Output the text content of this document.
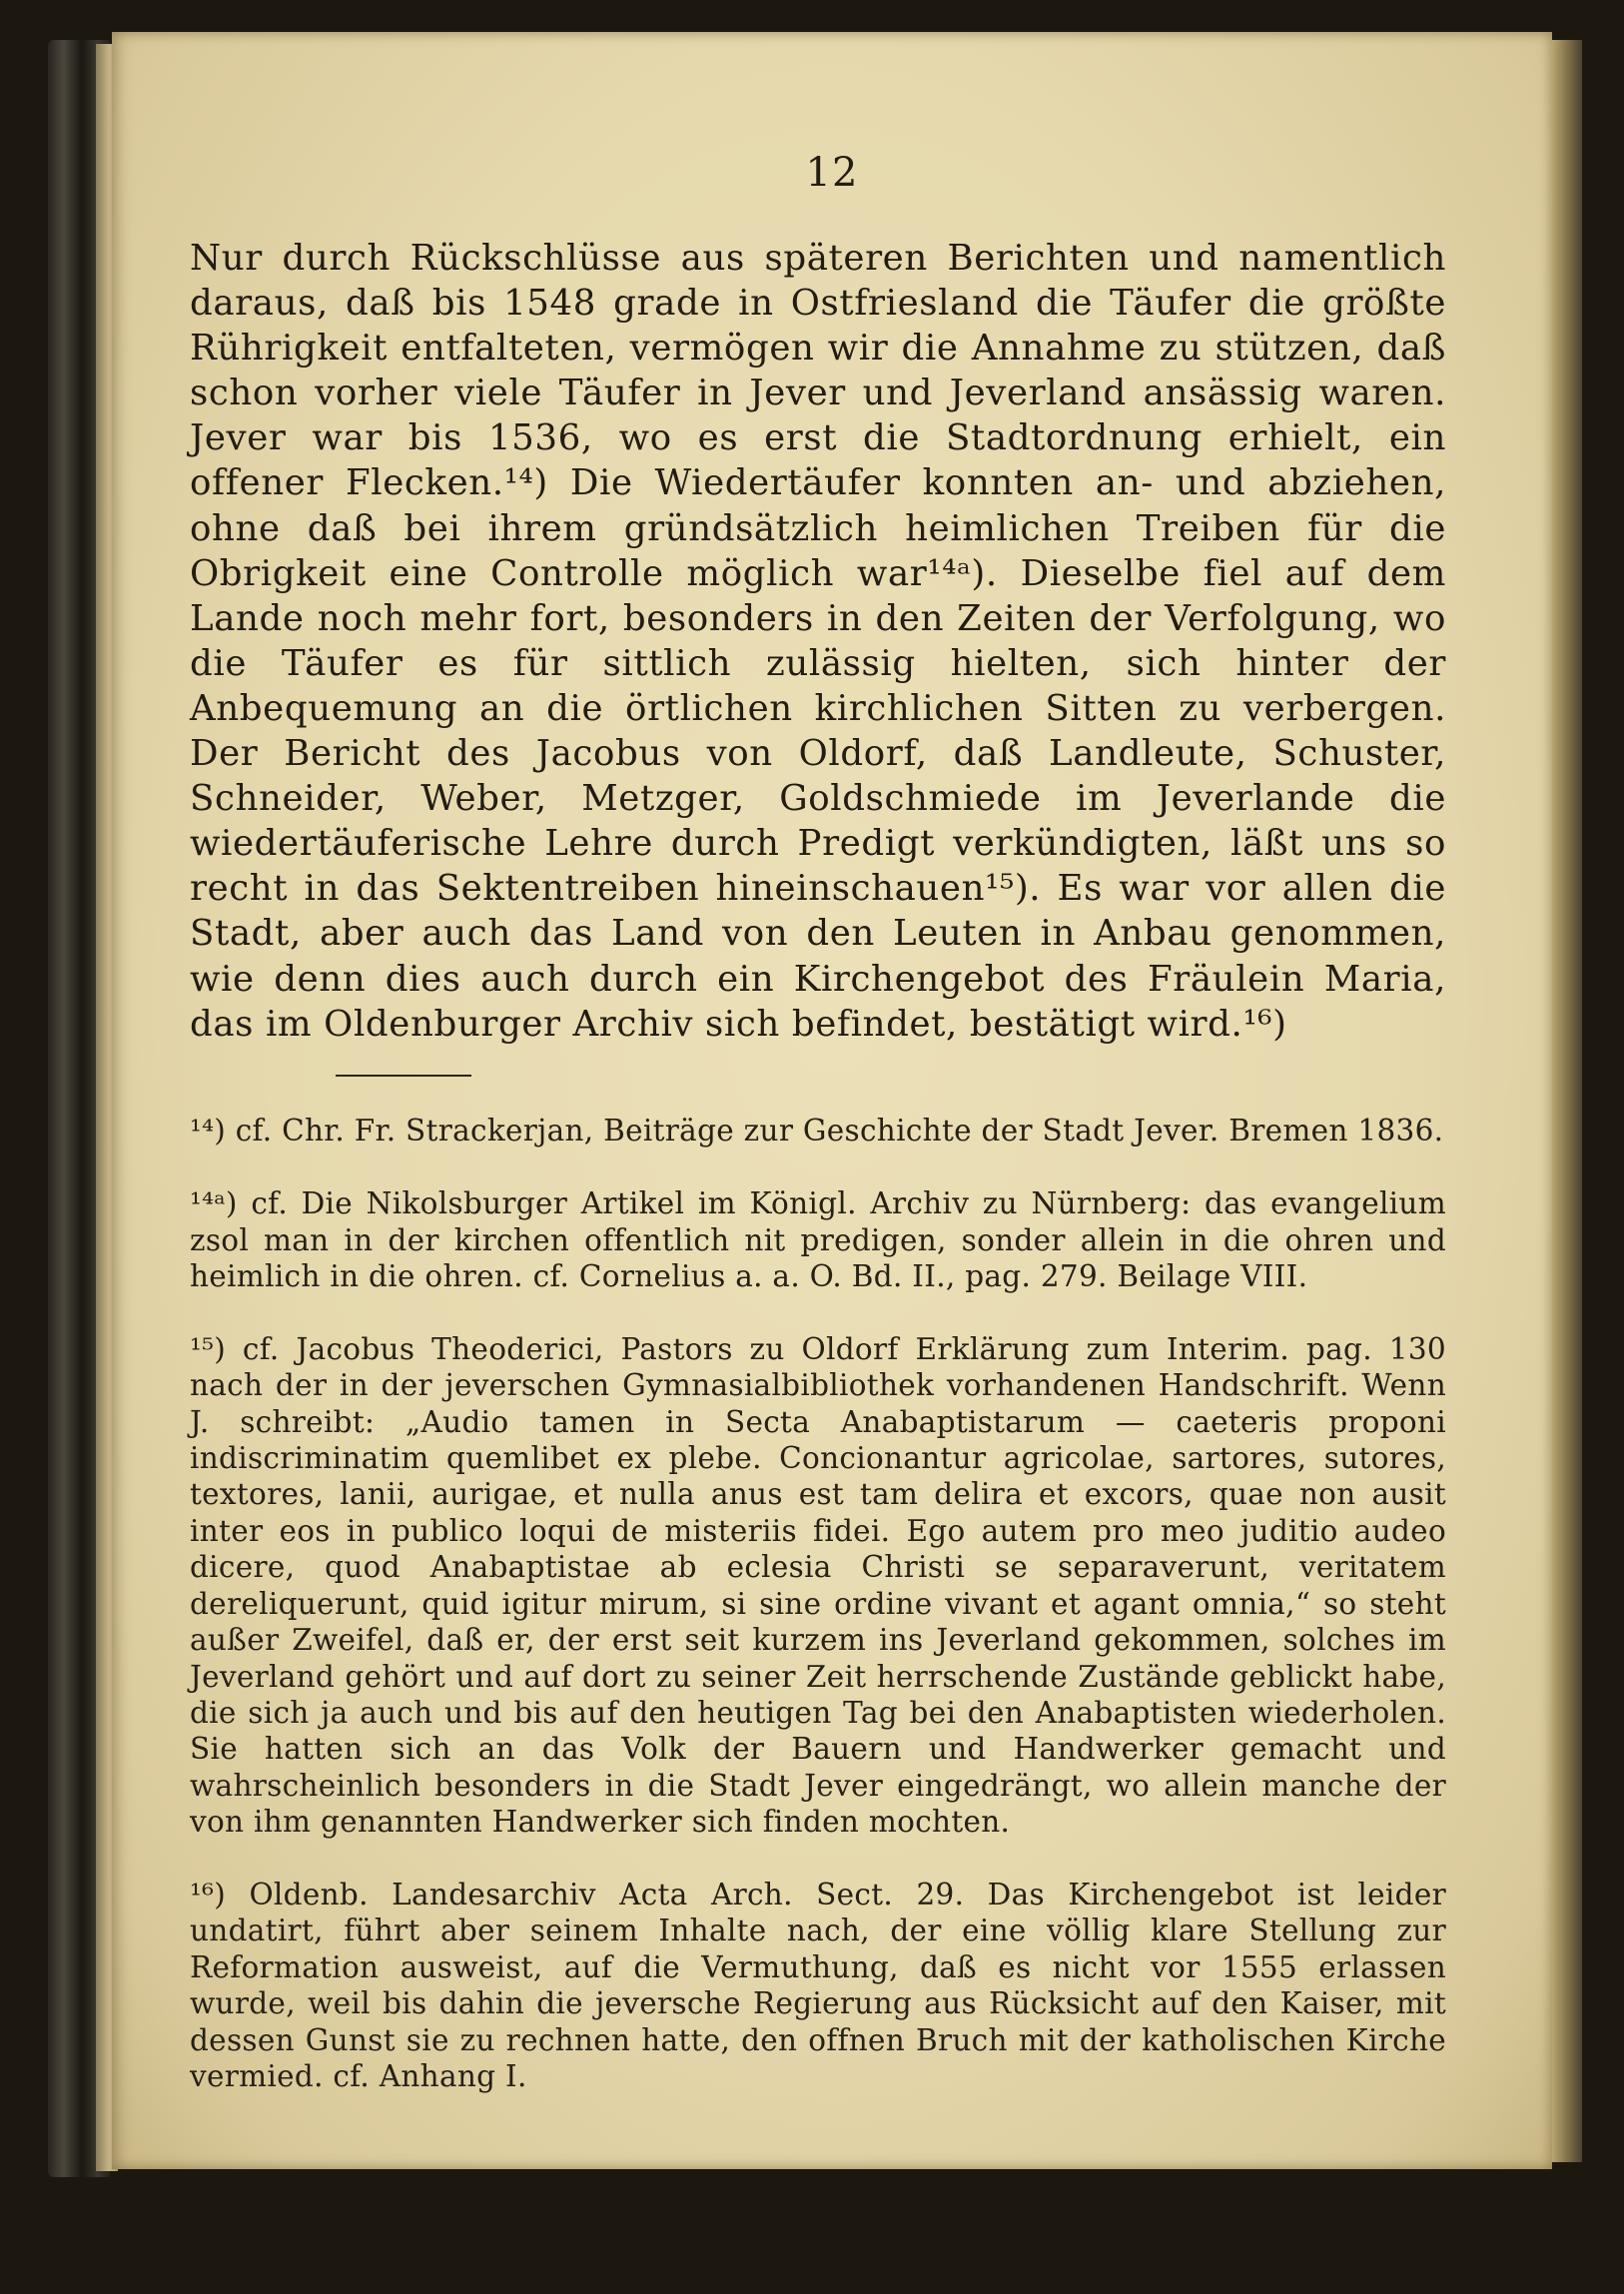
12
Nur durch Rückschlüsse aus späteren Berichten und namentlich daraus, daß bis 1548 grade in Ostfriesland die Täufer die größte Rührigkeit entfalteten, vermögen wir die Annahme zu stützen, daß schon vorher viele Täufer in Jever und Jeverland ansässig waren. Jever war bis 1536, wo es erst die Stadtordnung erhielt, ein offener Flecken.¹⁴) Die Wiedertäufer konnten an- und abziehen, ohne daß bei ihrem gründsätzlich heimlichen Treiben für die Obrigkeit eine Controlle möglich war¹⁴ᵃ). Dieselbe fiel auf dem Lande noch mehr fort, besonders in den Zeiten der Verfolgung, wo die Täufer es für sittlich zulässig hielten, sich hinter der Anbequemung an die örtlichen kirchlichen Sitten zu verbergen. Der Bericht des Jacobus von Oldorf, daß Landleute, Schuster, Schneider, Weber, Metzger, Goldschmiede im Jeverlande die wiedertäuferische Lehre durch Predigt verkündigten, läßt uns so recht in das Sektentreiben hineinschauen¹⁵). Es war vor allen die Stadt, aber auch das Land von den Leuten in Anbau genommen, wie denn dies auch durch ein Kirchengebot des Fräulein Maria, das im Oldenburger Archiv sich befindet, bestätigt wird.¹⁶)

¹⁴) cf. Chr. Fr. Strackerjan, Beiträge zur Geschichte der Stadt Jever. Bremen 1836.

¹⁴ᵃ) cf. Die Nikolsburger Artikel im Königl. Archiv zu Nürnberg: das evangelium zsol man in der kirchen offentlich nit predigen, sonder allein in die ohren und heimlich in die ohren. cf. Cornelius a. a. O. Bd. II., pag. 279. Beilage VIII.

¹⁵) cf. Jacobus Theoderici, Pastors zu Oldorf Erklärung zum Interim. pag. 130 nach der in der jeverschen Gymnasialbibliothek vorhandenen Handschrift. Wenn J. schreibt: „Audio tamen in Secta Anabaptistarum — caeteris proponi indiscriminatim quemlibet ex plebe. Concionantur agricolae, sartores, sutores, textores, lanii, aurigae, et nulla anus est tam delira et excors, quae non ausit inter eos in publico loqui de misteriis fidei. Ego autem pro meo juditio audeo dicere, quod Anabaptistae ab eclesia Christi se separaverunt, veritatem dereliquerunt, quid igitur mirum, si sine ordine vivant et agant omnia,“ so steht außer Zweifel, daß er, der erst seit kurzem ins Jeverland gekommen, solches im Jeverland gehört und auf dort zu seiner Zeit herrschende Zustände geblickt habe, die sich ja auch und bis auf den heutigen Tag bei den Anabaptisten wiederholen. Sie hatten sich an das Volk der Bauern und Handwerker gemacht und wahrscheinlich besonders in die Stadt Jever eingedrängt, wo allein manche der von ihm genannten Handwerker sich finden mochten.

¹⁶) Oldenb. Landesarchiv Acta Arch. Sect. 29. Das Kirchengebot ist leider undatirt, führt aber seinem Inhalte nach, der eine völlig klare Stellung zur Reformation ausweist, auf die Vermuthung, daß es nicht vor 1555 erlassen wurde, weil bis dahin die jeversche Regierung aus Rücksicht auf den Kaiser, mit dessen Gunst sie zu rechnen hatte, den offnen Bruch mit der katholischen Kirche vermied. cf. Anhang I.
